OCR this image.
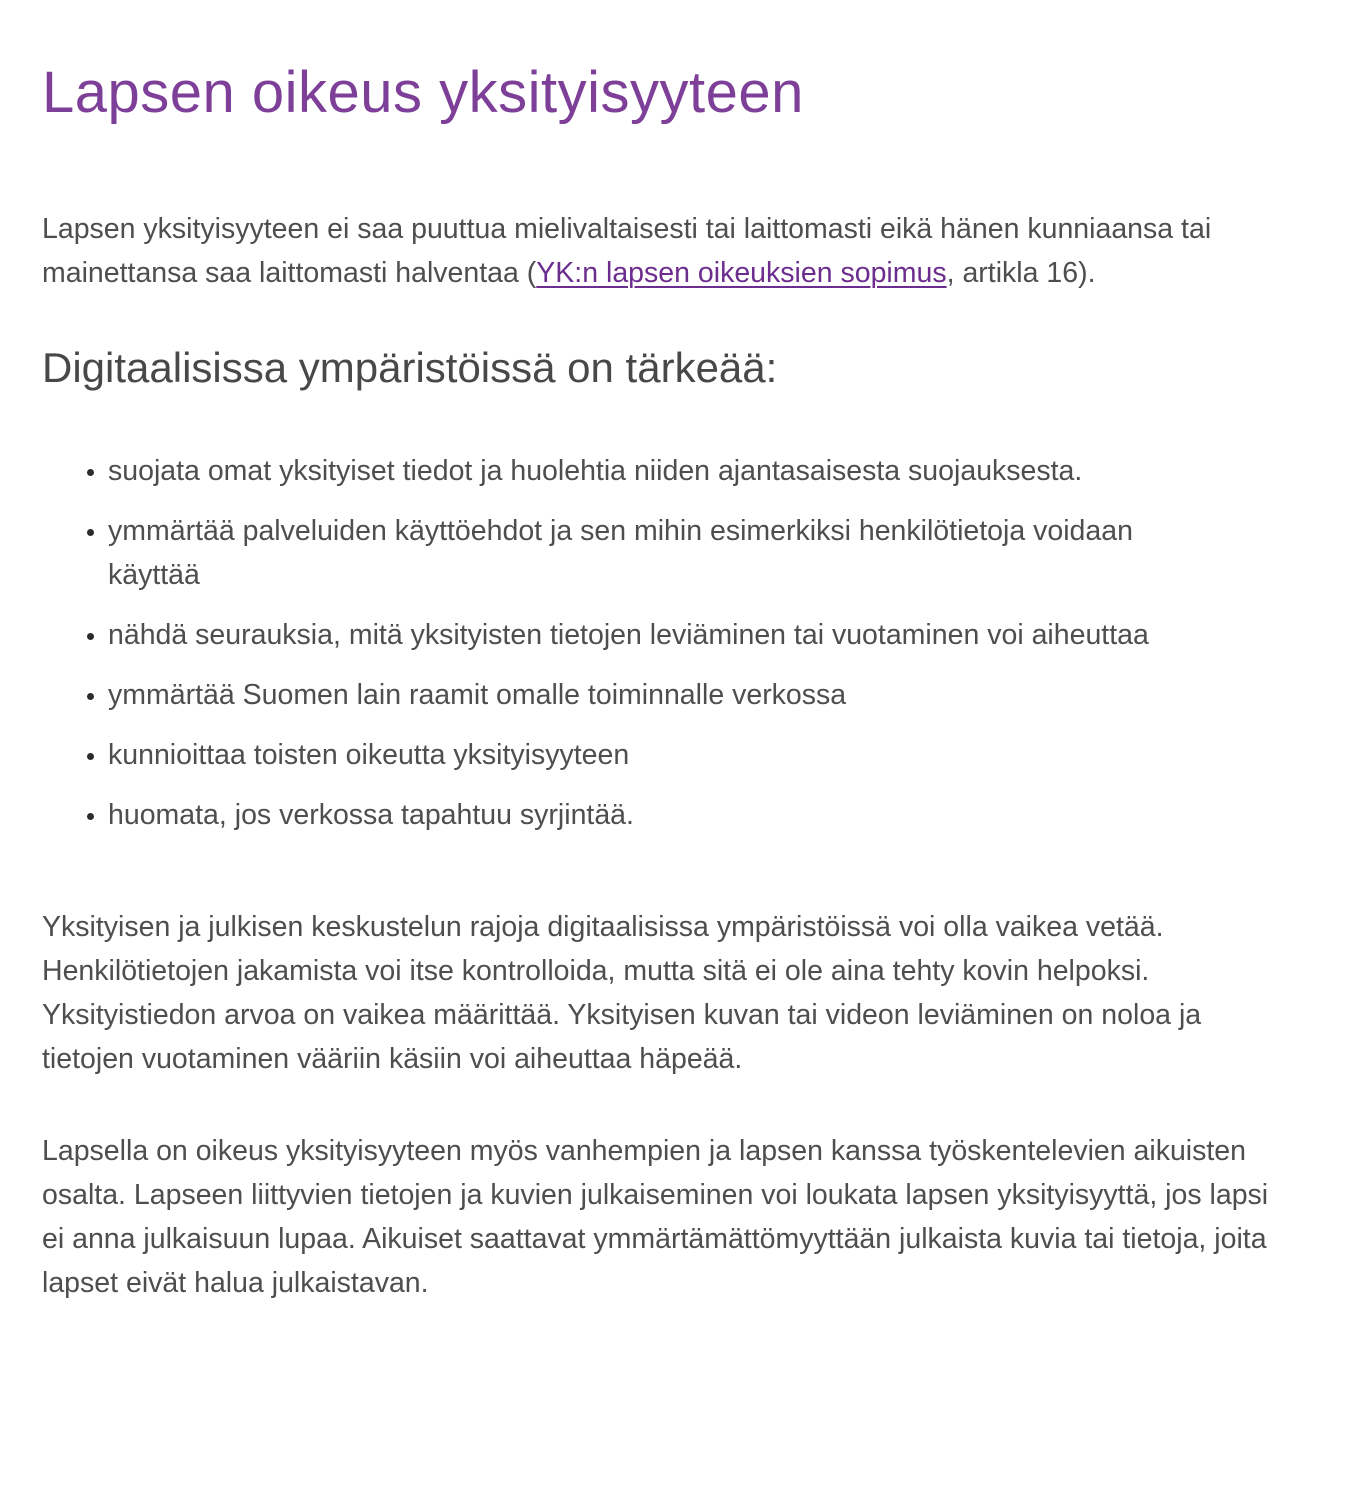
Lapsen oikeus yksityisyyteen

Lapsen yksityisyyteen ei saa puuttua mielivaltaisesti tai laittomasti eikä hänen kunniaansa tai mainettansa saa laittomasti halventaa (YK:n lapsen oikeuksien sopimus, artikla 16).

Digitaalisissa ympäristöissä on tärkeää:
• suojata omat yksityiset tiedot ja huolehtia niiden ajantasaisesta suojauksesta.
• ymmärtää palveluiden käyttöehdot ja sen mihin esimerkiksi henkilötietoja voidaan käyttää
• nähdä seurauksia, mitä yksityisten tietojen leviäminen tai vuotaminen voi aiheuttaa
• ymmärtää Suomen lain raamit omalle toiminnalle verkossa
• kunnioittaa toisten oikeutta yksityisyyteen
• huomata, jos verkossa tapahtuu syrjintää.

Yksityisen ja julkisen keskustelun rajoja digitaalisissa ympäristöissä voi olla vaikea vetää. Henkilötietojen jakamista voi itse kontrolloida, mutta sitä ei ole aina tehty kovin helpoksi. Yksityistiedon arvoa on vaikea määrittää. Yksityisen kuvan tai videon leviäminen on noloa ja tietojen vuotaminen vääriin käsiin voi aiheuttaa häpeää.

Lapsella on oikeus yksityisyyteen myös vanhempien ja lapsen kanssa työskentelevien aikuisten osalta. Lapseen liittyvien tietojen ja kuvien julkaiseminen voi loukata lapsen yksityisyyttä, jos lapsi ei anna julkaisuun lupaa. Aikuiset saattavat ymmärtämättömyyttään julkaista kuvia tai tietoja, joita lapset eivät halua julkaistavan.
